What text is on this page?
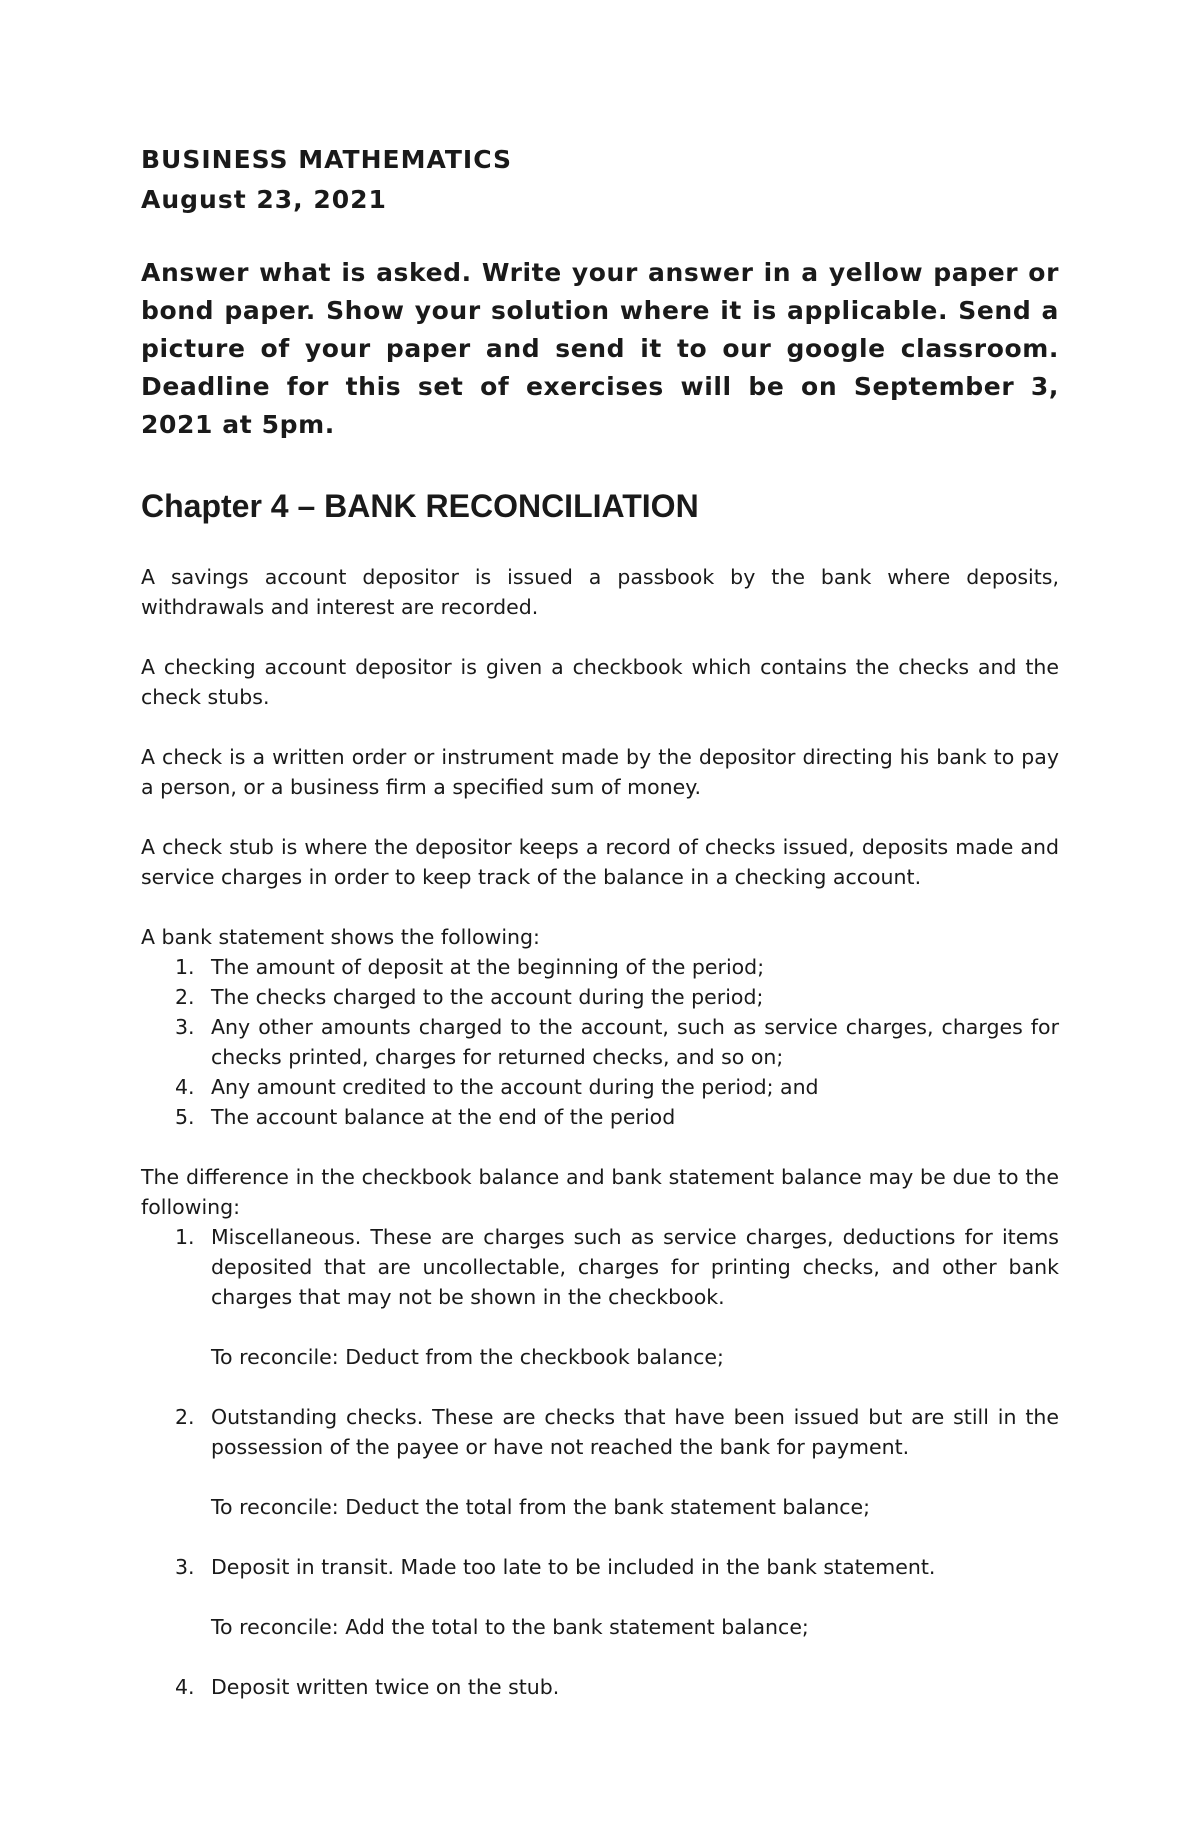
BUSINESS MATHEMATICS

August 23, 2021

Answer what is asked. Write your answer in a yellow paper or bond paper. Show your solution where it is applicable. Send a picture of your paper and send it to our google classroom. Deadline for this set of exercises will be on September 3, 2021 at 5pm.

Chapter 4 – BANK RECONCILIATION

A savings account depositor is issued a passbook by the bank where deposits, withdrawals and interest are recorded.

A checking account depositor is given a checkbook which contains the checks and the check stubs.

A check is a written order or instrument made by the depositor directing his bank to pay a person, or a business firm a specified sum of money.

A check stub is where the depositor keeps a record of checks issued, deposits made and service charges in order to keep track of the balance in a checking account.

A bank statement shows the following:

1. The amount of deposit at the beginning of the period;
2. The checks charged to the account during the period;
3. Any other amounts charged to the account, such as service charges, charges for checks printed, charges for returned checks, and so on;
4. Any amount credited to the account during the period; and
5. The account balance at the end of the period

The difference in the checkbook balance and bank statement balance may be due to the following:

1. Miscellaneous. These are charges such as service charges, deductions for items deposited that are uncollectable, charges for printing checks, and other bank charges that may not be shown in the checkbook.
To reconcile: Deduct from the checkbook balance;
2. Outstanding checks. These are checks that have been issued but are still in the possession of the payee or have not reached the bank for payment.
To reconcile: Deduct the total from the bank statement balance;
3. Deposit in transit. Made too late to be included in the bank statement.
To reconcile: Add the total to the bank statement balance;
4. Deposit written twice on the stub.
